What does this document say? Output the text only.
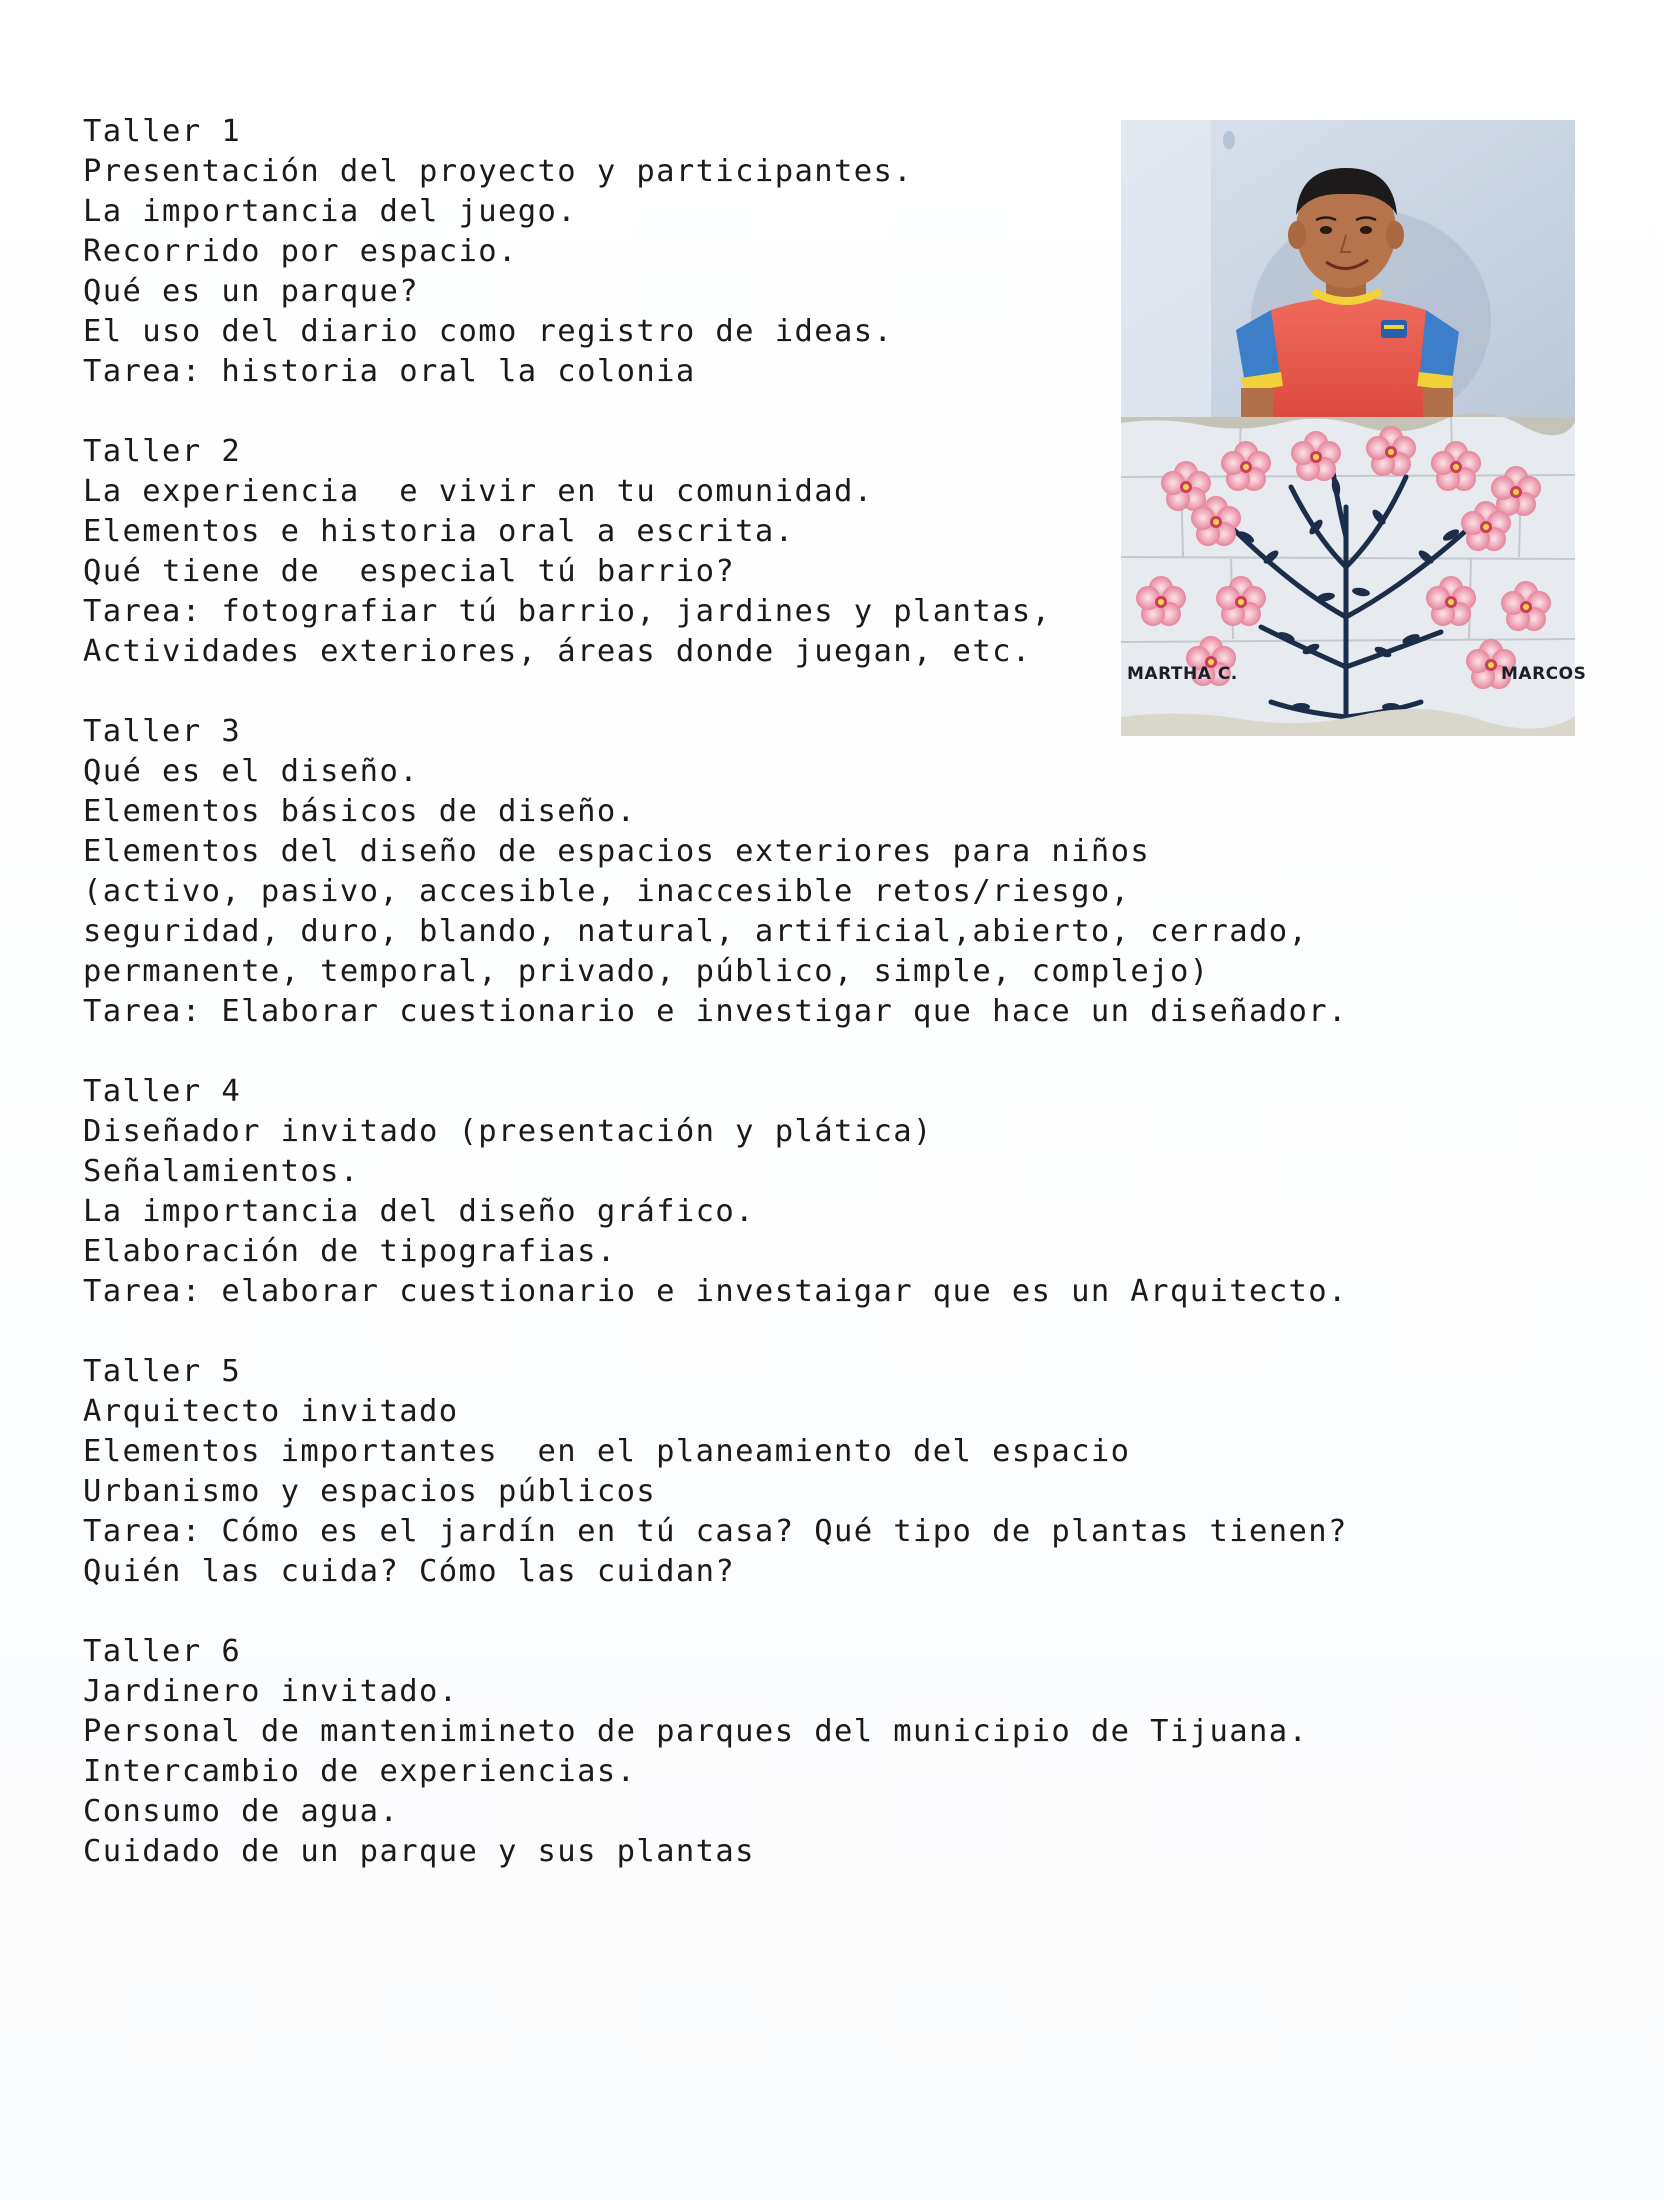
Taller 1
Presentación del proyecto y participantes.
La importancia del juego.
Recorrido por espacio.
Qué es un parque?
El uso del diario como registro de ideas.
Tarea: historia oral la colonia
Taller 2
La experiencia  e vivir en tu comunidad.
Elementos e historia oral a escrita.
Qué tiene de  especial tú barrio?
Tarea: fotografiar tú barrio, jardines y plantas,
Actividades exteriores, áreas donde juegan, etc.
Taller 3
Qué es el diseño.
Elementos básicos de diseño.
Elementos del diseño de espacios exteriores para niños
(activo, pasivo, accesible, inaccesible retos/riesgo,
seguridad, duro, blando, natural, artificial,abierto, cerrado,
permanente, temporal, privado, público, simple, complejo)
Tarea: Elaborar cuestionario e investigar que hace un diseñador.
Taller 4
Diseñador invitado (presentación y plática)
Señalamientos.
La importancia del diseño gráfico.
Elaboración de tipografias.
Tarea: elaborar cuestionario e investaigar que es un Arquitecto.
Taller 5
Arquitecto invitado
Elementos importantes  en el planeamiento del espacio
Urbanismo y espacios públicos
Tarea: Cómo es el jardín en tú casa? Qué tipo de plantas tienen?
Quién las cuida? Cómo las cuidan?
Taller 6
Jardinero invitado.
Personal de mantenimineto de parques del municipio de Tijuana.
Intercambio de experiencias.
Consumo de agua.
Cuidado de un parque y sus plantas
MARTHA C.	MARCOS
